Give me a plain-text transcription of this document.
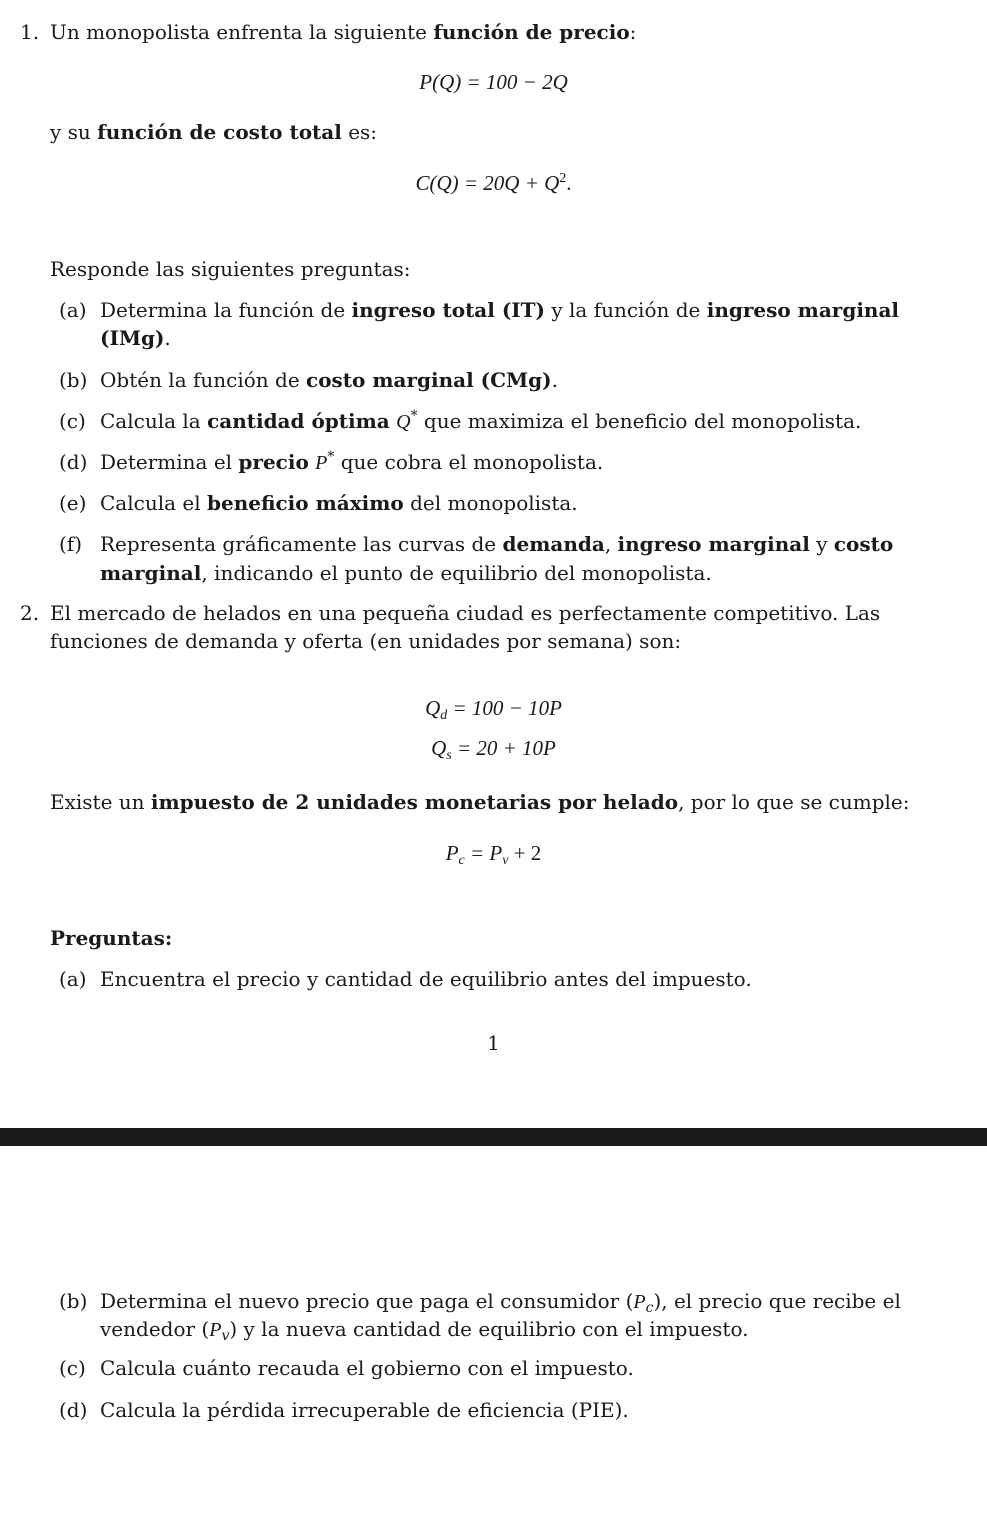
1. Un monopolista enfrenta la siguiente función de precio:
P(Q) = 100 − 2Q
y su función de costo total es:
$C(Q) = 20Q + Q^2$.
Responde las siguientes preguntas:
(a) Determina la función de ingreso total (IT) y la función de ingreso marginal
(IMg).
(b) Obtén la función de costo marginal (CMg).
(c) Calcula la cantidad óptima Q* que maximiza el beneficio del monopolista.
(d) Determina el precio P* que cobra el monopolista.
(e) Calcula el beneficio máximo del monopolista.
(f) Representa gráficamente las curvas de demanda, ingreso marginal y costo
marginal, indicando el punto de equilibrio del monopolista.
2. El mercado de helados en una pequeña ciudad es perfectamente competitivo. Las
funciones de demanda y oferta (en unidades por semana) son:
$Q_d = 100 - 10P$
$Q_s = 20 + 10P$
Existe un impuesto de 2 unidades monetarias por helado, por lo que se cumple:
$P_c = P_v + 2$
Preguntas:
(a) Encuentra el precio y cantidad de equilibrio antes del impuesto.
1
(b) Determina el nuevo precio que paga el consumidor $(P_c)$, el precio que recibe el
vendedor $(P_v)$ y la nueva cantidad de equilibrio con el impuesto.
(c) Calcula cuánto recauda el gobierno con el impuesto.
(d) Calcula la pérdida irrecuperable de eficiencia (PIE).
